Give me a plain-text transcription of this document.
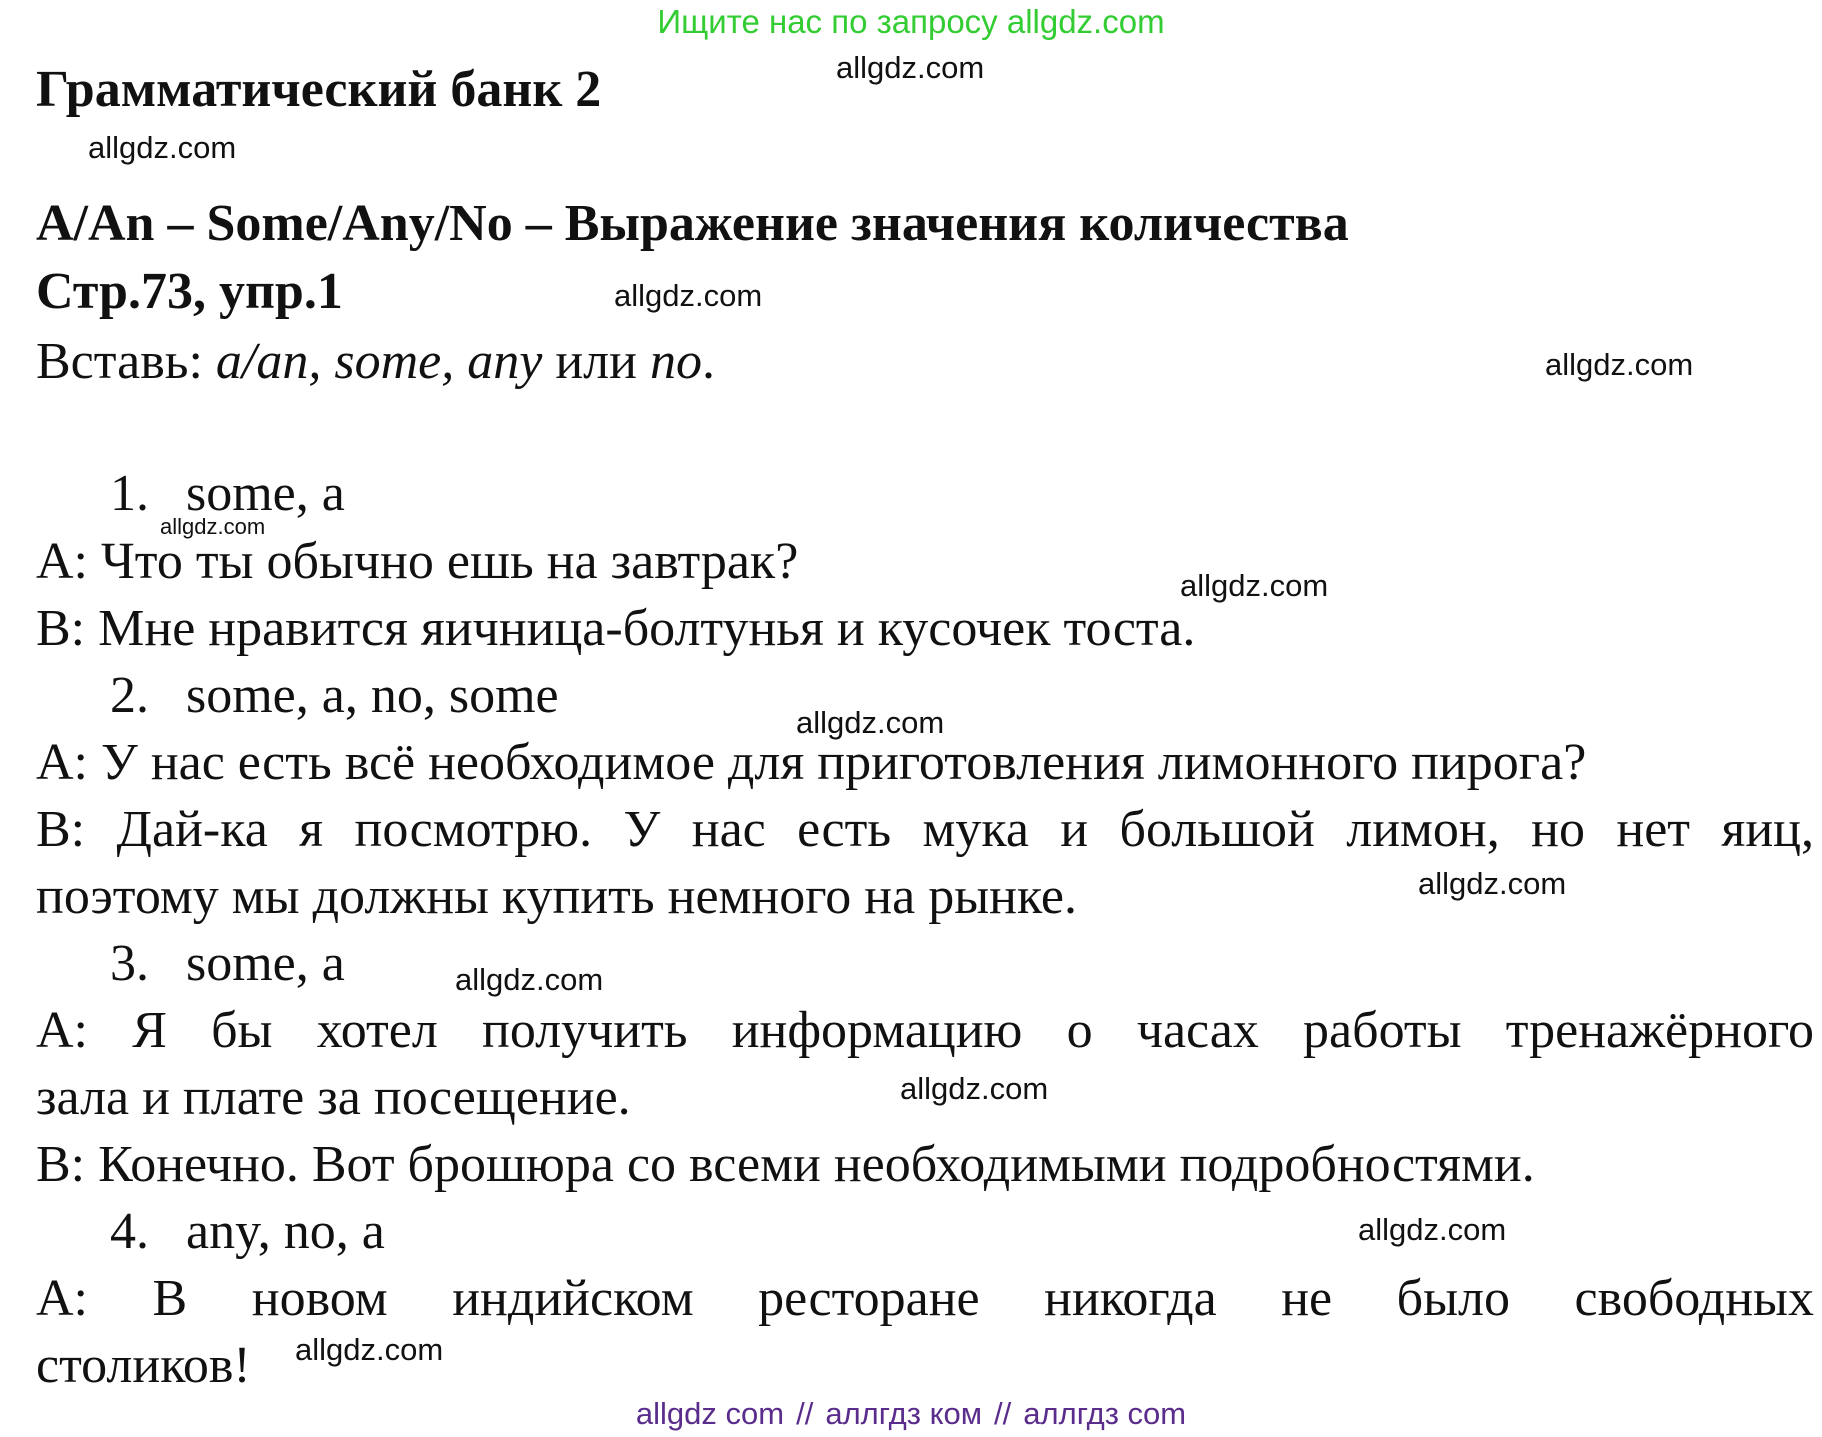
Ищите нас по запросу allgdz.com
Грамматический банк 2
A/An – Some/Any/No – Выражение значения количества
Стр.73, упр.1
Вставь: a/an, some, any или no.
1. some, a
A: Что ты обычно ешь на завтрак?
B: Мне нравится яичница-болтунья и кусочек тоста.
2. some, a, no, some
A: У нас есть всё необходимое для приготовления лимонного пирога?
B: Дай-ка я посмотрю. У нас есть мука и большой лимон, но нет яиц,
поэтому мы должны купить немного на рынке.
3. some, a
A: Я бы хотел получить информацию о часах работы тренажёрного
зала и плате за посещение.
B: Конечно. Вот брошюра со всеми необходимыми подробностями.
4. any, no, a
A: В новом индийском ресторане никогда не было свободных
столиков!
allgdz.com
allgdz.com
allgdz.com
allgdz.com
allgdz.com
allgdz.com
allgdz.com
allgdz.com
allgdz.com
allgdz.com
allgdz.com
allgdz.com
allgdz com // аллгдз ком // аллгдз com
